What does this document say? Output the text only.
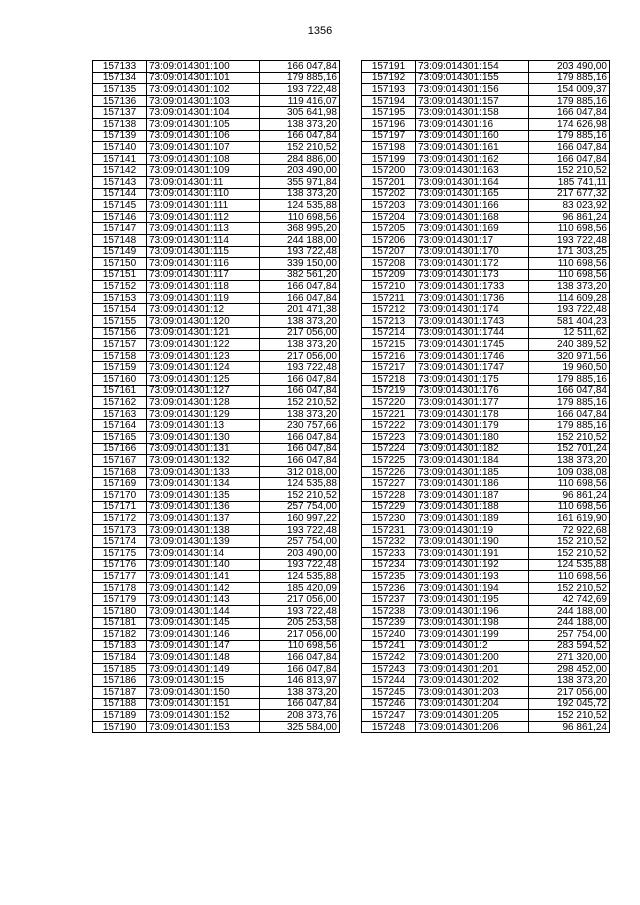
1356
157133	73:09:014301:100	166 047,84
157134	73:09:014301:101	179 885,16
157135	73:09:014301:102	193 722,48
157136	73:09:014301:103	119 416,07
157137	73:09:014301:104	305 641,98
157138	73:09:014301:105	138 373,20
157139	73:09:014301:106	166 047,84
157140	73:09:014301:107	152 210,52
157141	73:09:014301:108	284 886,00
157142	73:09:014301:109	203 490,00
157143	73:09:014301:11	355 971,84
157144	73:09:014301:110	138 373,20
157145	73:09:014301:111	124 535,88
157146	73:09:014301:112	110 698,56
157147	73:09:014301:113	368 995,20
157148	73:09:014301:114	244 188,00
157149	73:09:014301:115	193 722,48
157150	73:09:014301:116	339 150,00
157151	73:09:014301:117	382 561,20
157152	73:09:014301:118	166 047,84
157153	73:09:014301:119	166 047,84
157154	73:09:014301:12	201 471,38
157155	73:09:014301:120	138 373,20
157156	73:09:014301:121	217 056,00
157157	73:09:014301:122	138 373,20
157158	73:09:014301:123	217 056,00
157159	73:09:014301:124	193 722,48
157160	73:09:014301:125	166 047,84
157161	73:09:014301:127	166 047,84
157162	73:09:014301:128	152 210,52
157163	73:09:014301:129	138 373,20
157164	73:09:014301:13	230 757,66
157165	73:09:014301:130	166 047,84
157166	73:09:014301:131	166 047,84
157167	73:09:014301:132	166 047,84
157168	73:09:014301:133	312 018,00
157169	73:09:014301:134	124 535,88
157170	73:09:014301:135	152 210,52
157171	73:09:014301:136	257 754,00
157172	73:09:014301:137	160 997,22
157173	73:09:014301:138	193 722,48
157174	73:09:014301:139	257 754,00
157175	73:09:014301:14	203 490,00
157176	73:09:014301:140	193 722,48
157177	73:09:014301:141	124 535,88
157178	73:09:014301:142	185 420,09
157179	73:09:014301:143	217 056,00
157180	73:09:014301:144	193 722,48
157181	73:09:014301:145	205 253,58
157182	73:09:014301:146	217 056,00
157183	73:09:014301:147	110 698,56
157184	73:09:014301:148	166 047,84
157185	73:09:014301:149	166 047,84
157186	73:09:014301:15	146 813,97
157187	73:09:014301:150	138 373,20
157188	73:09:014301:151	166 047,84
157189	73:09:014301:152	208 373,76
157190	73:09:014301:153	325 584,00
157191	73:09:014301:154	203 490,00
157192	73:09:014301:155	179 885,16
157193	73:09:014301:156	154 009,37
157194	73:09:014301:157	179 885,16
157195	73:09:014301:158	166 047,84
157196	73:09:014301:16	174 626,98
157197	73:09:014301:160	179 885,16
157198	73:09:014301:161	166 047,84
157199	73:09:014301:162	166 047,84
157200	73:09:014301:163	152 210,52
157201	73:09:014301:164	185 741,11
157202	73:09:014301:165	217 677,32
157203	73:09:014301:166	83 023,92
157204	73:09:014301:168	96 861,24
157205	73:09:014301:169	110 698,56
157206	73:09:014301:17	193 722,48
157207	73:09:014301:170	171 303,25
157208	73:09:014301:172	110 698,56
157209	73:09:014301:173	110 698,56
157210	73:09:014301:1733	138 373,20
157211	73:09:014301:1736	114 609,28
157212	73:09:014301:174	193 722,48
157213	73:09:014301:1743	581 404,23
157214	73:09:014301:1744	12 511,62
157215	73:09:014301:1745	240 389,52
157216	73:09:014301:1746	320 971,56
157217	73:09:014301:1747	19 960,50
157218	73:09:014301:175	179 885,16
157219	73:09:014301:176	166 047,84
157220	73:09:014301:177	179 885,16
157221	73:09:014301:178	166 047,84
157222	73:09:014301:179	179 885,16
157223	73:09:014301:180	152 210,52
157224	73:09:014301:182	152 701,24
157225	73:09:014301:184	138 373,20
157226	73:09:014301:185	109 038,08
157227	73:09:014301:186	110 698,56
157228	73:09:014301:187	96 861,24
157229	73:09:014301:188	110 698,56
157230	73:09:014301:189	161 619,90
157231	73:09:014301:19	72 922,68
157232	73:09:014301:190	152 210,52
157233	73:09:014301:191	152 210,52
157234	73:09:014301:192	124 535,88
157235	73:09:014301:193	110 698,56
157236	73:09:014301:194	152 210,52
157237	73:09:014301:195	42 742,69
157238	73:09:014301:196	244 188,00
157239	73:09:014301:198	244 188,00
157240	73:09:014301:199	257 754,00
157241	73:09:014301:2	283 594,52
157242	73:09:014301:200	271 320,00
157243	73:09:014301:201	298 452,00
157244	73:09:014301:202	138 373,20
157245	73:09:014301:203	217 056,00
157246	73:09:014301:204	192 045,72
157247	73:09:014301:205	152 210,52
157248	73:09:014301:206	96 861,24
